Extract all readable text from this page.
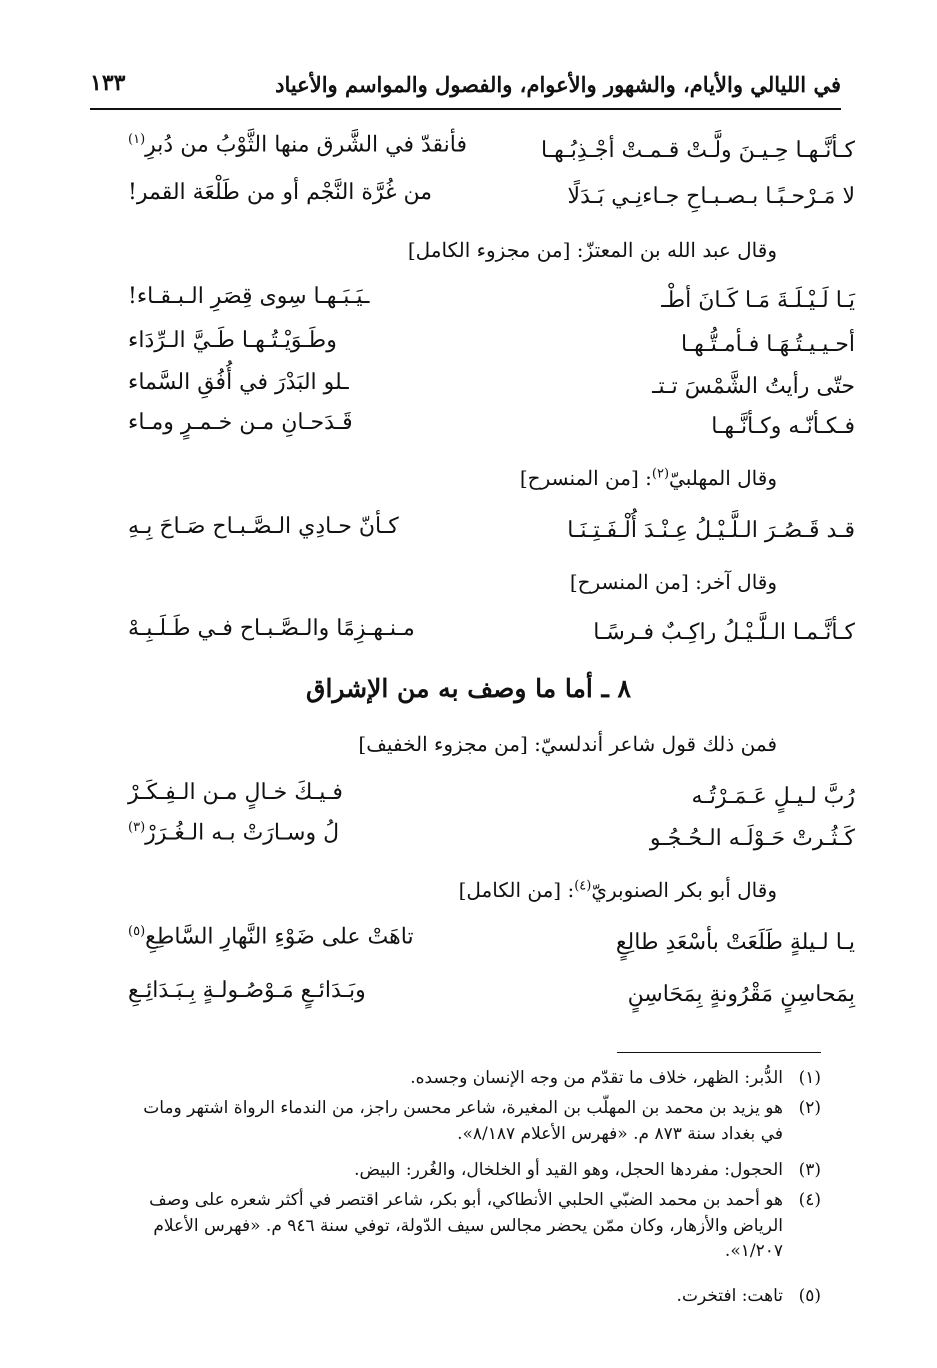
في الليالي والأيام، والشهور والأعوام، والفصول والمواسم والأعياد
١٣٣
كـأنَّـهـا حِـيـنَ ولَّـتْ قـمـتْ أجْـذِبُـهـا
فأنقدّ في الشَّرق منها الثَّوْبُ من دُبرِ$^{(١)}$
لا مَـرْحـبًـا بـصـبـاحِ جـاءنِـي بَـدَلًا
من غُرَّة النَّجْم أو من طَلْعَة القمر!
وقال عبد الله بن المعتزّ: [من مجزوء الكامل]
يَـا لَـيْـلَـةَ مَـا كَـانَ أطْـ
ـيَـبَـهـا سِوى قِصَرِ الـبـقـاء!
أحـيـيـتُـهَـا فـأمـتُّـهـا
وطَـوَيْـتُـهـا طَـيَّ الـرِّدَاء
حتّى رأيتُ الشَّمْسَ تـتـ
ـلو البَدْرَ في أُفُقِ السَّماء
فـكـأنّـه وكـأنَّـهـا
قَـدَحـانِ مـن خـمـرٍ ومـاء
وقال المهلبيّ$^{(٢)}$: [من المنسرح]
قـد قَـصُـرَ الـلَّـيْـلُ عِـنْـدَ أُلْـفَـتِـنَـا
كـأنّ حـادِي الـصَّـبـاح صَـاحَ بِـهِ
وقال آخر: [من المنسرح]
كـأنَّـمـا الـلَّـيْـلُ راكِـبٌ فـرسًـا
مـنـهـزِمًا والـصَّـبـاح فـي طَـلَـبِـهْ
٨ ـ أما ما وصف به من الإشراق
فمن ذلك قول شاعر أندلسيّ: [من مجزوء الخفيف]
رُبَّ لـيـلٍ عَـمَـرْتُـه
فـيـكَ خـالٍ مـن الـفِـكَـرْ
كَـثُـرتْ حَـوْلَـه الـحُـجُـو
لُ وسـارَتْ بـه الـغُـرَرْ$^{(٣)}$
وقال أبو بكر الصنوبريّ$^{(٤)}$: [من الكامل]
يـا لـيلةٍ طَلَعَتْ بأسْعَدِ طالِعٍ
تاهَتْ على ضَوْءِ النَّهارِ السَّاطِعِ$^{(٥)}$
بِمَحاسِنٍ مَقْرُونةٍ بِمَحَاسِنٍ
وبَـدَائـعٍ مَـوْصُـولـةٍ بِـبَـدَائِـعِ
(١)الدُّبر: الظهر، خلاف ما تقدّم من وجه الإنسان وجسده.
(٢)هو يزيد بن محمد بن المهلّب بن المغيرة، شاعر محسن راجز، من الندماء الرواة اشتهر ومات
في بغداد سنة ٨٧٣ م. «فهرس الأعلام ٨/١٨٧».
(٣)الحجول: مفردها الحجل، وهو القيد أو الخلخال، والغُرر: البيض.
(٤)هو أحمد بن محمد الضبّي الحلبي الأنطاكي، أبو بكر، شاعر اقتصر في أكثر شعره على وصف
الرياض والأزهار، وكان ممّن يحضر مجالس سيف الدّولة، توفي سنة ٩٤٦ م. «فهرس الأعلام
١/٢٠٧».
(٥)تاهت: افتخرت.
